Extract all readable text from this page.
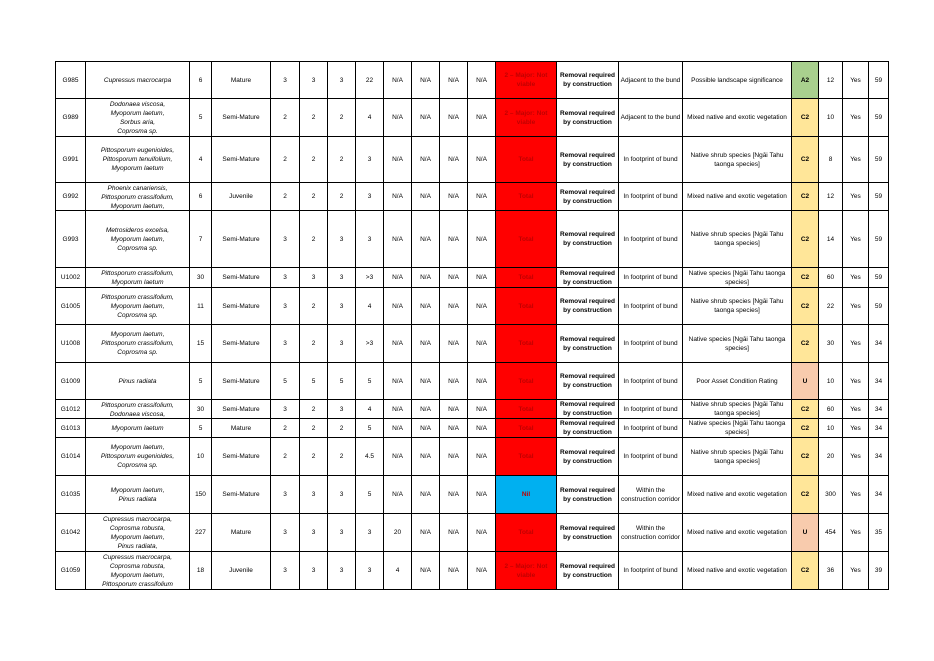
G985	Cupressus macrocarpa	6	Mature	3	3	3	22	N/A	N/A	N/A	N/A	2 – Major: Not viable	Removal required by construction	Adjacent to the bund	Possible landscape significance	A2	12	Yes	59
G989	Dodonaea viscosa,
Myoporum laetum,
Sorbus aria,
Coprosma sp.	5	Semi-Mature	2	2	2	4	N/A	N/A	N/A	N/A	2 – Major: Not viable	Removal required by construction	Adjacent to the bund	Mixed native and exotic vegetation	C2	10	Yes	59
G991	Pittosporum eugenioides,
Pittosporum tenuifolium,
Myoporum laetum	4	Semi-Mature	2	2	2	3	N/A	N/A	N/A	N/A	Total	Removal required by construction	In footprint of bund	Native shrub species [Ngāi Tahu taonga species]	C2	8	Yes	59
G992	Phoenix canariensis,
Pittosporum crassifolium,
Myoporum laetum,	6	Juvenile	2	2	2	3	N/A	N/A	N/A	N/A	Total	Removal required by construction	In footprint of bund	Mixed native and exotic vegetation	C2	12	Yes	59
G993	Metrosideros excelsa,
Myoporum laetum,
Coprosma sp.	7	Semi-Mature	3	2	3	3	N/A	N/A	N/A	N/A	Total	Removal required by construction	In footprint of bund	Native shrub species [Ngāi Tahu taonga species]	C2	14	Yes	59
U1002	Pittosporum crassifolium,
Myoporum laetum	30	Semi-Mature	3	3	3	>3	N/A	N/A	N/A	N/A	Total	Removal required by construction	In footprint of bund	Native species [Ngāi Tahu taonga species]	C2	60	Yes	59
G1005	Pittosporum crassifolium,
Myoporum laetum,
Coprosma sp.	11	Semi-Mature	3	2	3	4	N/A	N/A	N/A	N/A	Total	Removal required by construction	In footprint of bund	Native shrub species [Ngāi Tahu taonga species]	C2	22	Yes	59
U1008	Myoporum laetum,
Pittosporum crassifolium,
Coprosma sp.	15	Semi-Mature	3	2	3	>3	N/A	N/A	N/A	N/A	Total	Removal required by construction	In footprint of bund	Native species [Ngāi Tahu taonga species]	C2	30	Yes	34
G1009	Pinus radiata	5	Semi-Mature	5	5	5	5	N/A	N/A	N/A	N/A	Total	Removal required by construction	In footprint of bund	Poor Asset Condition Rating	U	10	Yes	34
G1012	Pittosporum crassifolium,
Dodonaea viscosa,	30	Semi-Mature	3	2	3	4	N/A	N/A	N/A	N/A	Total	Removal required by construction	In footprint of bund	Native shrub species [Ngāi Tahu taonga species]	C2	60	Yes	34
G1013	Myoporum laetum	5	Mature	2	2	2	5	N/A	N/A	N/A	N/A	Total	Removal required by construction	In footprint of bund	Native species [Ngāi Tahu taonga species]	C2	10	Yes	34
G1014	Myoporum laetum,
Pittosporum eugenioides,
Coprosma sp.	10	Semi-Mature	2	2	2	4.5	N/A	N/A	N/A	N/A	Total	Removal required by construction	In footprint of bund	Native shrub species [Ngāi Tahu taonga species]	C2	20	Yes	34
G1035	Myoporum laetum,
Pinus radiata	150	Semi-Mature	3	3	3	5	N/A	N/A	N/A	N/A	Nil	Removal required by construction	Within the construction corridor	Mixed native and exotic vegetation	C2	300	Yes	34
G1042	Cupressus macrocarpa,
Coprosma robusta,
Myoporum laetum,
Pinus radiata,	227	Mature	3	3	3	3	20	N/A	N/A	N/A	Total	Removal required by construction	Within the construction corridor	Mixed native and exotic vegetation	U	454	Yes	35
G1059	Cupressus macrocarpa,
Coprosma robusta,
Myoporum laetum,
Pittosporum crassifolium	18	Juvenile	3	3	3	3	4	N/A	N/A	N/A	2 – Major: Not viable	Removal required by construction	In footprint of bund	Mixed native and exotic vegetation	C2	36	Yes	39
